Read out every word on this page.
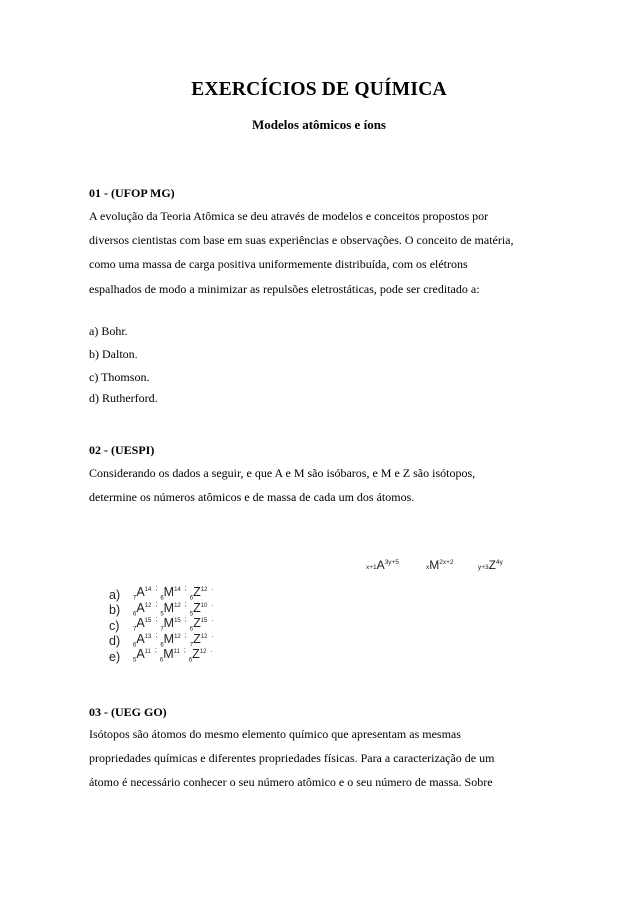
EXERCÍCIOS DE QUÍMICA
Modelos atômicos e íons
01 - (UFOP MG)
A evolução da Teoria Atômica se deu através de modelos e conceitos propostos por
diversos cientistas com base em suas experiências e observações. O conceito de matéria,
como uma massa de carga positiva uniformemente distribuída, com os elétrons
espalhados de modo a minimizar as repulsões eletrostáticas, pode ser creditado a:
a) Bohr.
b) Dalton.
c) Thomson.
d) Rutherford.
02 - (UESPI)
Considerando os dados a seguir, e que A e M são isóbaros, e M e Z são isótopos,
determine os números atômicos e de massa de cada um dos átomos.
$x+1A^{3y+5}$
$xM^{2x+2}$
$y+3Z^{4y}$
a)	$_7A^{14}$ ;
$_6M^{14}$ ;
$_6Z^{12}$ .
b)	$_6A^{12}$ ;
$_5M^{12}$ ;
$_5Z^{10}$ .
c)	$_7A^{15}$ ;
$_7M^{15}$ ;
$_6Z^{15}$ .
d)	$_6A^{13}$ ;
$_6M^{12}$ ;
$_7Z^{12}$ .
e)	$_5A^{11}$ ;
$_6M^{11}$ ;
$_6Z^{12}$ .
03 - (UEG GO)
Isótopos são átomos do mesmo elemento químico que apresentam as mesmas
propriedades químicas e diferentes propriedades físicas. Para a caracterização de um
átomo é necessário conhecer o seu número atômico e o seu número de massa. Sobre
